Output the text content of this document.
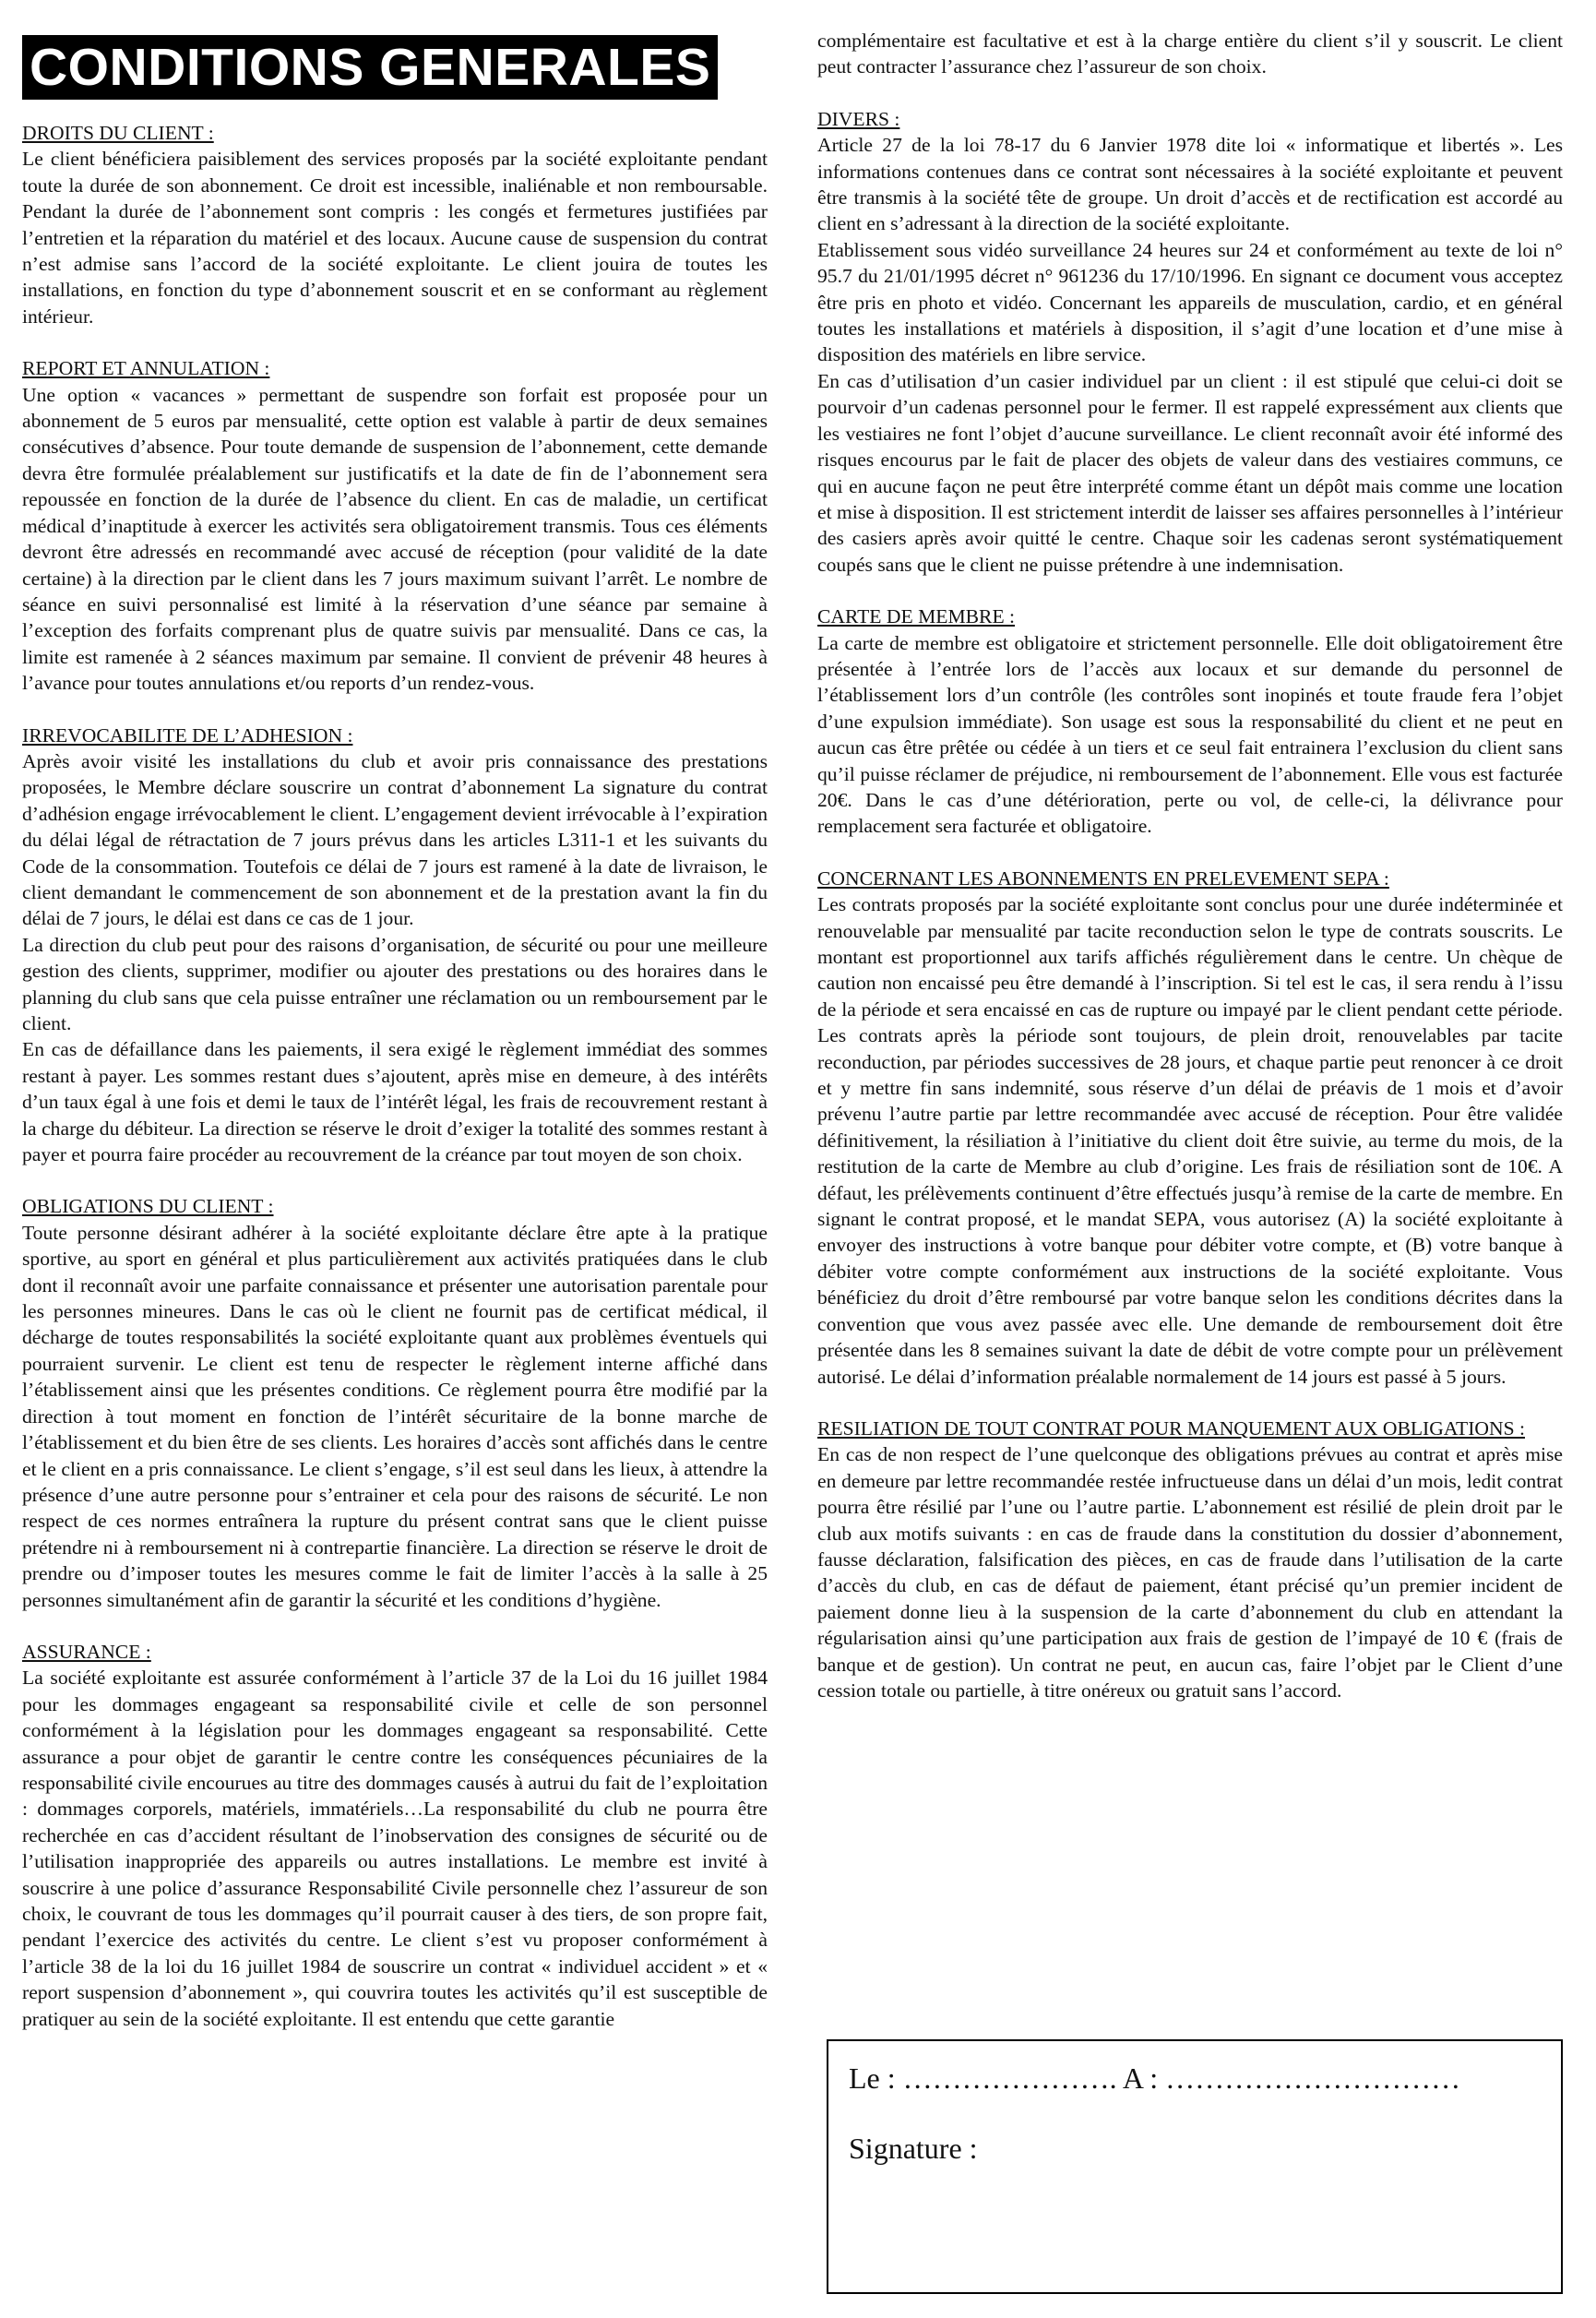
CONDITIONS GENERALES
DROITS DU CLIENT :
Le client bénéficiera paisiblement des services proposés par la société exploitante pendant toute la durée de son abonnement. Ce droit est incessible, inaliénable et non remboursable. Pendant la durée de l’abonnement sont compris : les congés et fermetures justifiées par l’entretien et la réparation du matériel et des locaux. Aucune cause de suspension du contrat n’est admise sans l’accord de la société exploitante. Le client jouira de toutes les installations, en fonction du type d’abonnement souscrit et en se conformant au règlement intérieur.
REPORT ET ANNULATION :
Une option « vacances » permettant de suspendre son forfait est proposée pour un abonnement de 5 euros par mensualité, cette option est valable à partir de deux semaines consécutives d’absence. Pour toute demande de suspension de l’abonnement, cette demande devra être formulée préalablement sur justificatifs et la date de fin de l’abonnement sera repoussée en fonction de la durée de l’absence du client. En cas de maladie, un certificat médical d’inaptitude à exercer les activités sera obligatoirement transmis. Tous ces éléments devront être adressés en recommandé avec accusé de réception (pour validité de la date certaine) à la direction par le client dans les 7 jours maximum suivant l’arrêt. Le nombre de séance en suivi personnalisé est limité à la réservation d’une séance par semaine à l’exception des forfaits comprenant plus de quatre suivis par mensualité. Dans ce cas, la limite est ramenée à 2 séances maximum par semaine. Il convient de prévenir 48 heures à l’avance pour toutes annulations et/ou reports d’un rendez-vous.
IRREVOCABILITE DE L’ADHESION :
Après avoir visité les installations du club et avoir pris connaissance des prestations proposées, le Membre déclare souscrire un contrat d’abonnement La signature du contrat d’adhésion engage irrévocablement le client. L’engagement devient irrévocable à l’expiration du délai légal de rétractation de 7 jours prévus dans les articles L311-1 et les suivants du Code de la consommation. Toutefois ce délai de 7 jours est ramené à la date de livraison, le client demandant le commencement de son abonnement et de la prestation avant la fin du délai de 7 jours, le délai est dans ce cas de 1 jour.
La direction du club peut pour des raisons d’organisation, de sécurité ou pour une meilleure gestion des clients, supprimer, modifier ou ajouter des prestations ou des horaires dans le planning du club sans que cela puisse entraîner une réclamation ou un remboursement par le client.
En cas de défaillance dans les paiements, il sera exigé le règlement immédiat des sommes restant à payer. Les sommes restant dues s’ajoutent, après mise en demeure, à des intérêts d’un taux égal à une fois et demi le taux de l’intérêt légal, les frais de recouvrement restant à la charge du débiteur. La direction se réserve le droit d’exiger la totalité des sommes restant à payer et pourra faire procéder au recouvrement de la créance par tout moyen de son choix.
OBLIGATIONS DU CLIENT :
Toute personne désirant adhérer à la société exploitante déclare être apte à la pratique sportive, au sport en général et plus particulièrement aux activités pratiquées dans le club dont il reconnaît avoir une parfaite connaissance et présenter une autorisation parentale pour les personnes mineures. Dans le cas où le client ne fournit pas de certificat médical, il décharge de toutes responsabilités la société exploitante quant aux problèmes éventuels qui pourraient survenir. Le client est tenu de respecter le règlement interne affiché dans l’établissement ainsi que les présentes conditions. Ce règlement pourra être modifié par la direction à tout moment en fonction de l’intérêt sécuritaire de la bonne marche de l’établissement et du bien être de ses clients. Les horaires d’accès sont affichés dans le centre et le client en a pris connaissance. Le client s’engage, s’il est seul dans les lieux, à attendre la présence d’une autre personne pour s’entrainer et cela pour des raisons de sécurité. Le non respect de ces normes entraînera la rupture du présent contrat sans que le client puisse prétendre ni à remboursement ni à contrepartie financière. La direction se réserve le droit de prendre ou d’imposer toutes les mesures comme le fait de limiter l’accès à la salle à 25 personnes simultanément afin de garantir la sécurité et les conditions d’hygiène.
ASSURANCE :
La société exploitante est assurée conformément à l’article 37 de la Loi du 16 juillet 1984 pour les dommages engageant sa responsabilité civile et celle de son personnel conformément à la législation pour les dommages engageant sa responsabilité. Cette assurance a pour objet de garantir le centre contre les conséquences pécuniaires de la responsabilité civile encourues au titre des dommages causés à autrui du fait de l’exploitation : dommages corporels, matériels, immatériels…La responsabilité du club ne pourra être recherchée en cas d’accident résultant de l’inobservation des consignes de sécurité ou de l’utilisation inappropriée des appareils ou autres installations. Le membre est invité à souscrire à une police d’assurance Responsabilité Civile personnelle chez l’assureur de son choix, le couvrant de tous les dommages qu’il pourrait causer à des tiers, de son propre fait, pendant l’exercice des activités du centre. Le client s’est vu proposer conformément à l’article 38 de la loi du 16 juillet 1984 de souscrire un contrat « individuel accident » et « report suspension d’abonnement », qui couvrira toutes les activités qu’il est susceptible de pratiquer au sein de la société exploitante. Il est entendu que cette garantie
complémentaire est facultative et est à la charge entière du client s’il y souscrit. Le client peut contracter l’assurance chez l’assureur de son choix.
DIVERS :
Article 27 de la loi 78-17 du 6 Janvier 1978 dite loi « informatique et libertés ». Les informations contenues dans ce contrat sont nécessaires à la société exploitante et peuvent être transmis à la société tête de groupe. Un droit d’accès et de rectification est accordé au client en s’adressant à la direction de la société exploitante.
Etablissement sous vidéo surveillance 24 heures sur 24 et conformément au texte de loi n° 95.7 du 21/01/1995 décret n° 961236 du 17/10/1996. En signant ce document vous acceptez être pris en photo et vidéo. Concernant les appareils de musculation, cardio, et en général toutes les installations et matériels à disposition, il s’agit d’une location et d’une mise à disposition des matériels en libre service.
En cas d’utilisation d’un casier individuel par un client : il est stipulé que celui-ci doit se pourvoir d’un cadenas personnel pour le fermer. Il est rappelé expressément aux clients que les vestiaires ne font l’objet d’aucune surveillance. Le client reconnaît avoir été informé des risques encourus par le fait de placer des objets de valeur dans des vestiaires communs, ce qui en aucune façon ne peut être interprété comme étant un dépôt mais comme une location et mise à disposition. Il est strictement interdit de laisser ses affaires personnelles à l’intérieur des casiers après avoir quitté le centre. Chaque soir les cadenas seront systématiquement coupés sans que le client ne puisse prétendre à une indemnisation.
CARTE DE MEMBRE :
La carte de membre est obligatoire et strictement personnelle. Elle doit obligatoirement être présentée à l’entrée lors de l’accès aux locaux et sur demande du personnel de l’établissement lors d’un contrôle (les contrôles sont inopinés et toute fraude fera l’objet d’une expulsion immédiate). Son usage est sous la responsabilité du client et ne peut en aucun cas être prêtée ou cédée à un tiers et ce seul fait entrainera l’exclusion du client sans qu’il puisse réclamer de préjudice, ni remboursement de l’abonnement. Elle vous est facturée 20€. Dans le cas d’une détérioration, perte ou vol, de celle-ci, la délivrance pour remplacement sera facturée et obligatoire.
CONCERNANT LES ABONNEMENTS EN PRELEVEMENT SEPA :
Les contrats proposés par la société exploitante sont conclus pour une durée indéterminée et renouvelable par mensualité par tacite reconduction selon le type de contrats souscrits. Le montant est proportionnel aux tarifs affichés régulièrement dans le centre. Un chèque de caution non encaissé peu être demandé à l’inscription. Si tel est le cas, il sera rendu à l’issu de la période et sera encaissé en cas de rupture ou impayé par le client pendant cette période. Les contrats après la période sont toujours, de plein droit, renouvelables par tacite reconduction, par périodes successives de 28 jours, et chaque partie peut renoncer à ce droit et y mettre fin sans indemnité, sous réserve d’un délai de préavis de 1 mois et d’avoir prévenu l’autre partie par lettre recommandée avec accusé de réception. Pour être validée définitivement, la résiliation à l’initiative du client doit être suivie, au terme du mois, de la restitution de la carte de Membre au club d’origine. Les frais de résiliation sont de 10€. A défaut, les prélèvements continuent d’être effectués jusqu’à remise de la carte de membre. En signant le contrat proposé, et le mandat SEPA, vous autorisez (A) la société exploitante à envoyer des instructions à votre banque pour débiter votre compte, et (B) votre banque à débiter votre compte conformément aux instructions de la société exploitante. Vous bénéficiez du droit d’être remboursé par votre banque selon les conditions décrites dans la convention que vous avez passée avec elle. Une demande de remboursement doit être présentée dans les 8 semaines suivant la date de débit de votre compte pour un prélèvement autorisé. Le délai d’information préalable normalement de 14 jours est passé à 5 jours.
RESILIATION DE TOUT CONTRAT POUR MANQUEMENT AUX OBLIGATIONS :
En cas de non respect de l’une quelconque des obligations prévues au contrat et après mise en demeure par lettre recommandée restée infructueuse dans un délai d’un mois, ledit contrat pourra être résilié par l’une ou l’autre partie. L’abonnement est résilié de plein droit par le club aux motifs suivants : en cas de fraude dans la constitution du dossier d’abonnement, fausse déclaration, falsification des pièces, en cas de fraude dans l’utilisation de la carte d’accès du club, en cas de défaut de paiement, étant précisé qu’un premier incident de paiement donne lieu à la suspension de la carte d’abonnement du club en attendant la régularisation ainsi qu’une participation aux frais de gestion de l’impayé de 10 € (frais de banque et de gestion). Un contrat ne peut, en aucun cas, faire l’objet par le Client d’une cession totale ou partielle, à titre onéreux ou gratuit sans l’accord.
Le : …………………. A : …………………………
Signature :
